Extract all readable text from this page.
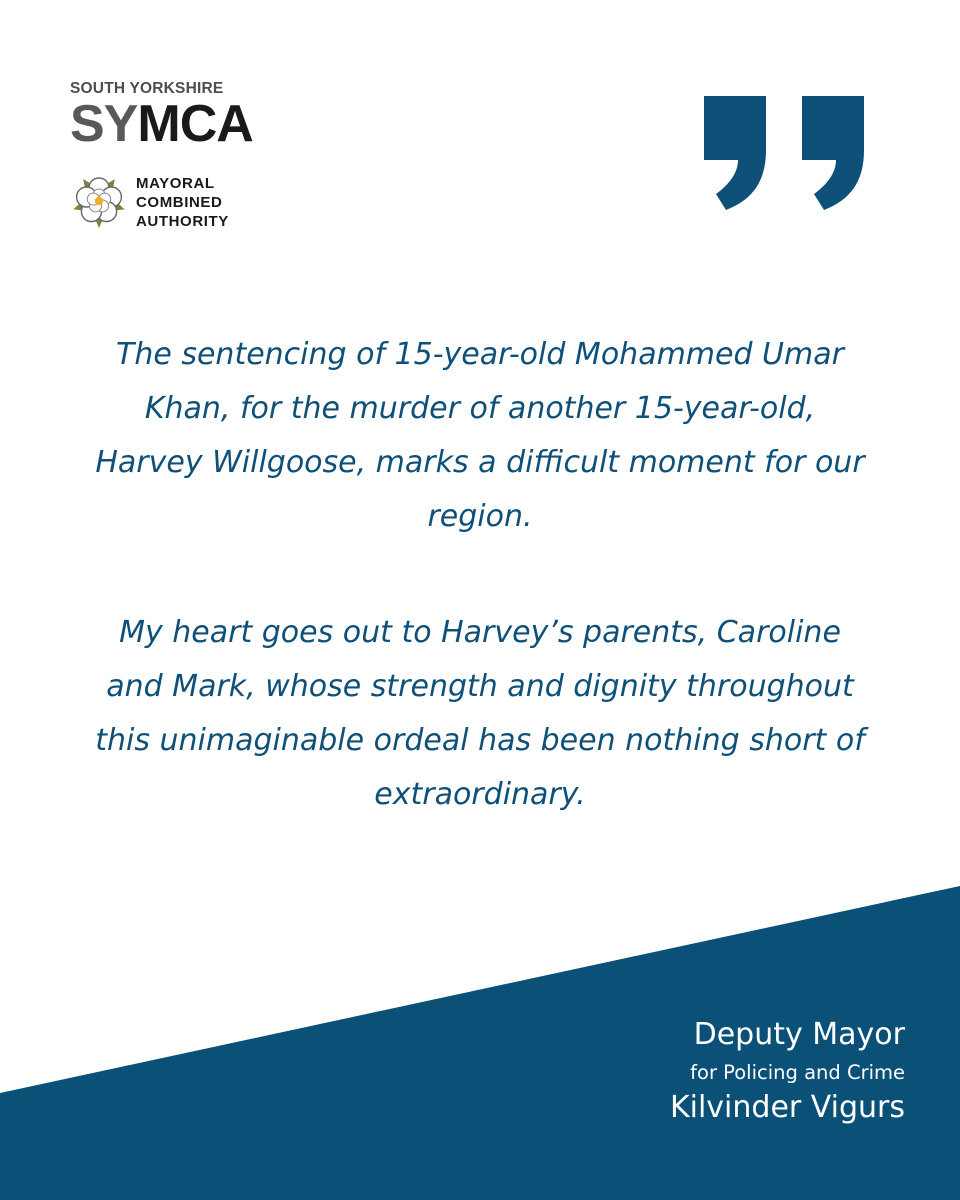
SOUTH YORKSHIRE
SYMCA
MAYORAL
COMBINED
AUTHORITY

The sentencing of 15-year-old Mohammed Umar Khan, for the murder of another 15-year-old, Harvey Willgoose, marks a difficult moment for our region.

My heart goes out to Harvey’s parents, Caroline and Mark, whose strength and dignity throughout this unimaginable ordeal has been nothing short of extraordinary.

Deputy Mayor
for Policing and Crime
Kilvinder Vigurs
